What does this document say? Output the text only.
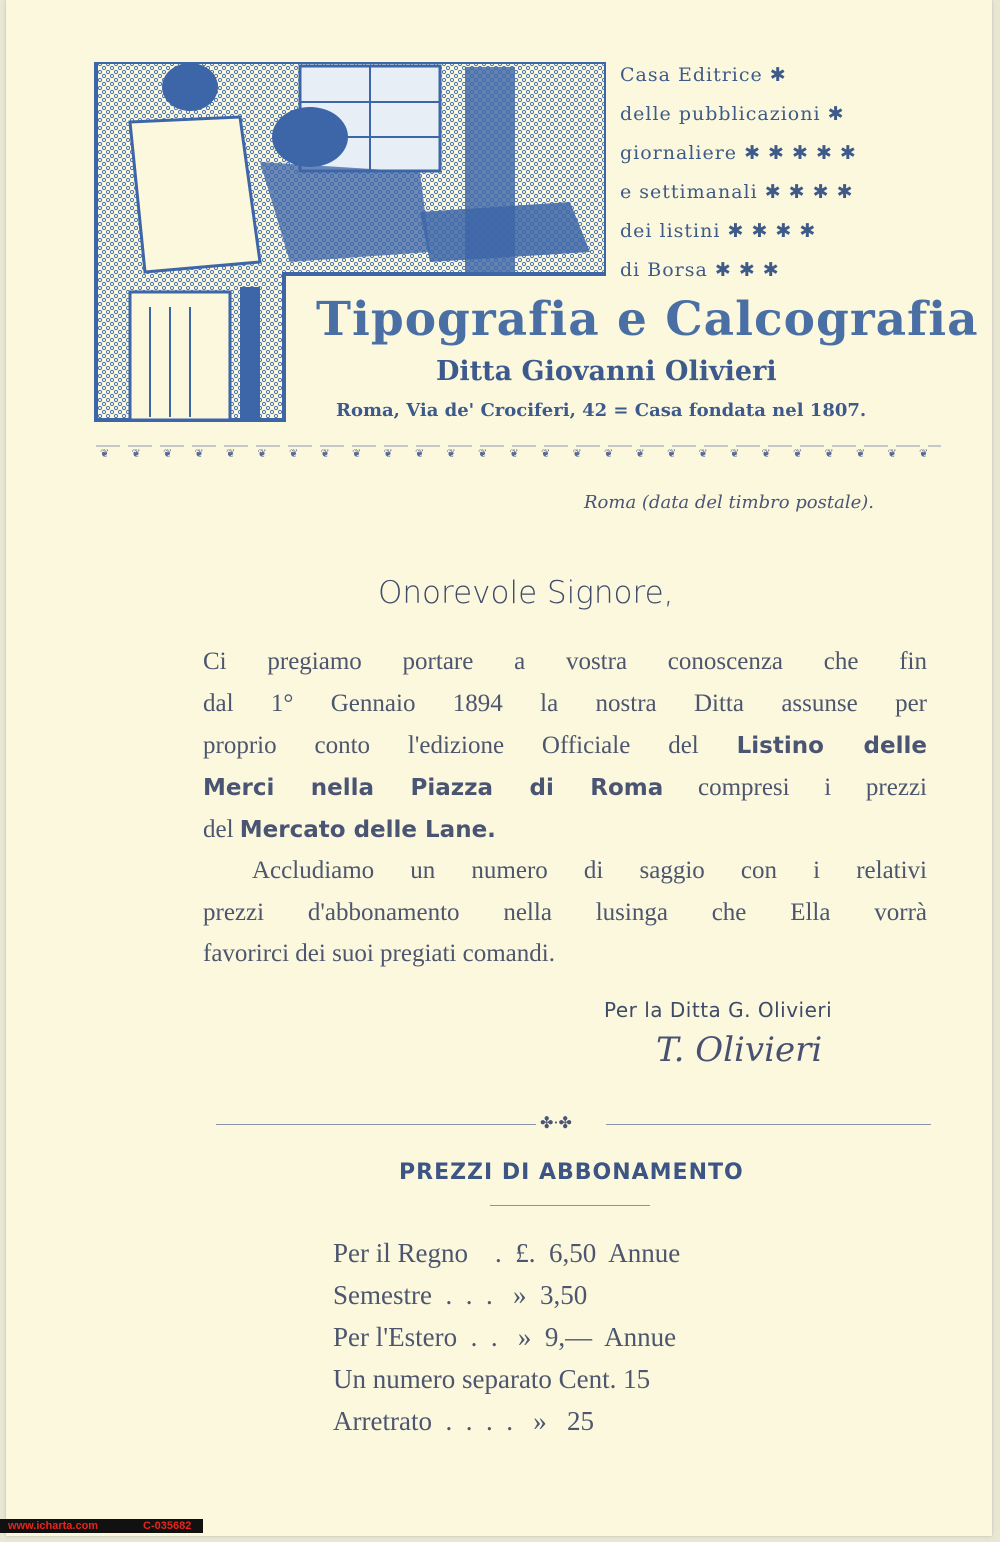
Casa Editrice ✱
delle pubblicazioni ✱
giornaliere ✱ ✱ ✱ ✱ ✱
e settimanali ✱ ✱ ✱ ✱
dei listini ✱ ✱ ✱ ✱
di Borsa ✱ ✱ ✱
Tipografia e Calcografia
Ditta Giovanni Olivieri
Roma, Via de' Crociferi, 42 = Casa fondata nel 1807.
❦ ❦ ❦ ❦ ❦ ❦ ❦ ❦ ❦ ❦ ❦ ❦ ❦ ❦ ❦ ❦ ❦ ❦ ❦ ❦ ❦ ❦ ❦ ❦ ❦ ❦ ❦
Roma (data del timbro postale).
Onorevole Signore,
Ci pregiamo portare a vostra conoscenza che fin
dal 1° Gennaio 1894 la nostra Ditta assunse per
proprio conto l'edizione Officiale del Listino delle
Merci nella Piazza di Roma compresi i prezzi
del Mercato delle Lane.
Accludiamo un numero di saggio con i relativi
prezzi d'abbonamento nella lusinga che Ella vorrà
favorirci dei suoi pregiati comandi.
Per la Ditta G. Olivieri
T. Olivieri
✤·✤
PREZZI DI ABBONAMENTO
Per il Regno    .  £.  6,50  Annue
Semestre  .  .  .   »  3,50
Per l'Estero  .  .   »  9,—  Annue
Un numero separato Cent. 15
Arretrato  .  .  .  .   »   25
www.icharta.com	C-035682
